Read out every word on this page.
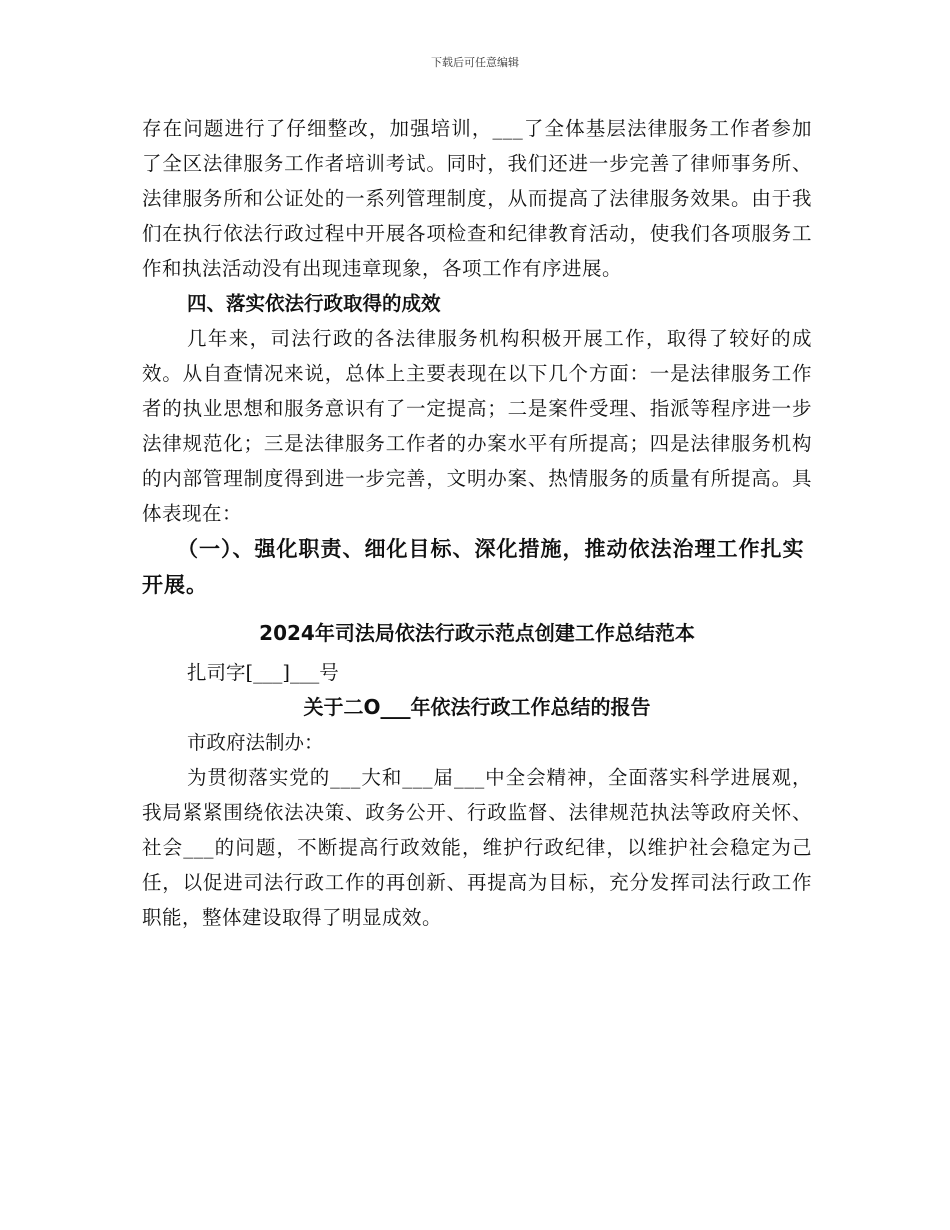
下载后可任意编辑

存在问题进行了仔细整改，加强培训，___了全体基层法律服务工作者参加了全区法律服务工作者培训考试。同时，我们还进一步完善了律师事务所、法律服务所和公证处的一系列管理制度，从而提高了法律服务效果。由于我们在执行依法行政过程中开展各项检查和纪律教育活动，使我们各项服务工作和执法活动没有出现违章现象，各项工作有序进展。

四、落实依法行政取得的成效

几年来，司法行政的各法律服务机构积极开展工作，取得了较好的成效。从自查情况来说，总体上主要表现在以下几个方面：一是法律服务工作者的执业思想和服务意识有了一定提高；二是案件受理、指派等程序进一步法律规范化；三是法律服务工作者的办案水平有所提高；四是法律服务机构的内部管理制度得到进一步完善，文明办案、热情服务的质量有所提高。具体表现在：

（一）、强化职责、细化目标、深化措施，推动依法治理工作扎实开展。

2024年司法局依法行政示范点创建工作总结范本

扎司字[___]___号

关于二O___年依法行政工作总结的报告

市政府法制办：

为贯彻落实党的___大和___届___中全会精神，全面落实科学进展观，我局紧紧围绕依法决策、政务公开、行政监督、法律规范执法等政府关怀、社会___的问题，不断提高行政效能，维护行政纪律，以维护社会稳定为己任，以促进司法行政工作的再创新、再提高为目标，充分发挥司法行政工作职能，整体建设取得了明显成效。
